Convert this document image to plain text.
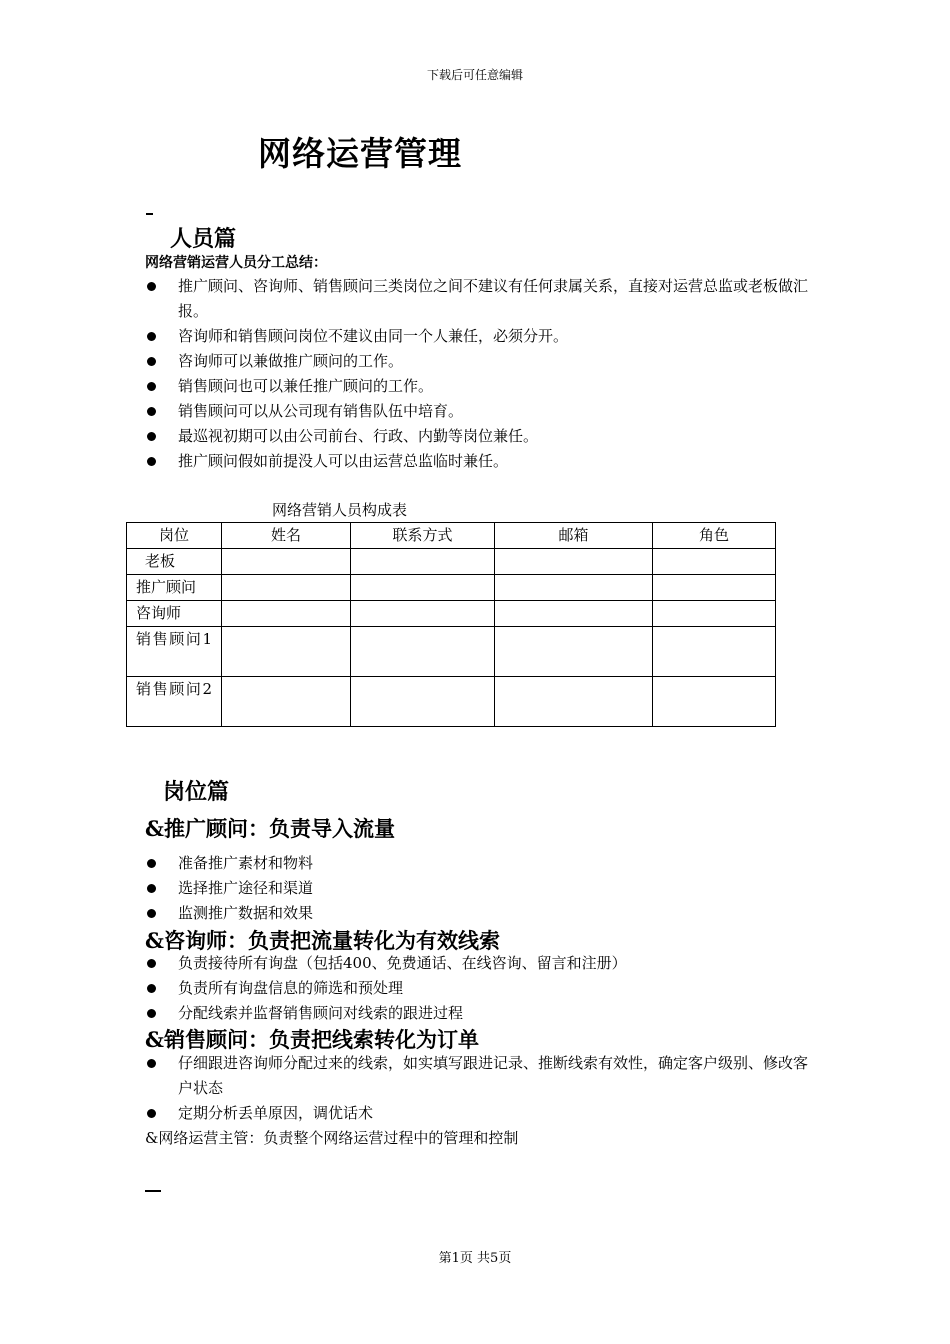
下载后可任意编辑
网络运营管理
人员篇
网络营销运营人员分工总结：
推广顾问、咨询师、销售顾问三类岗位之间不建议有任何隶属关系，直接对运营总监或老板做汇报。
咨询师和销售顾问岗位不建议由同一个人兼任，必须分开。
咨询师可以兼做推广顾问的工作。
销售顾问也可以兼任推广顾问的工作。
销售顾问可以从公司现有销售队伍中培育。
最巡视初期可以由公司前台、行政、内勤等岗位兼任。
推广顾问假如前提没人可以由运营总监临时兼任。
网络营销人员构成表
岗位	姓名	联系方式	邮箱	角色
老板				
推广顾问				
咨询师				
销售顾问1				
销售顾问2				
岗位篇
&推广顾问：负责导入流量
准备推广素材和物料
选择推广途径和渠道
监测推广数据和效果
&咨询师：负责把流量转化为有效线索
负责接待所有询盘（包括400、免费通话、在线咨询、留言和注册）
负责所有询盘信息的筛选和预处理
分配线索并监督销售顾问对线索的跟进过程
&销售顾问：负责把线索转化为订单
仔细跟进咨询师分配过来的线索，如实填写跟进记录、推断线索有效性，确定客户级别、修改客户状态
定期分析丢单原因，调优话术
&网络运营主管：负责整个网络运营过程中的管理和控制
第1页 共5页
